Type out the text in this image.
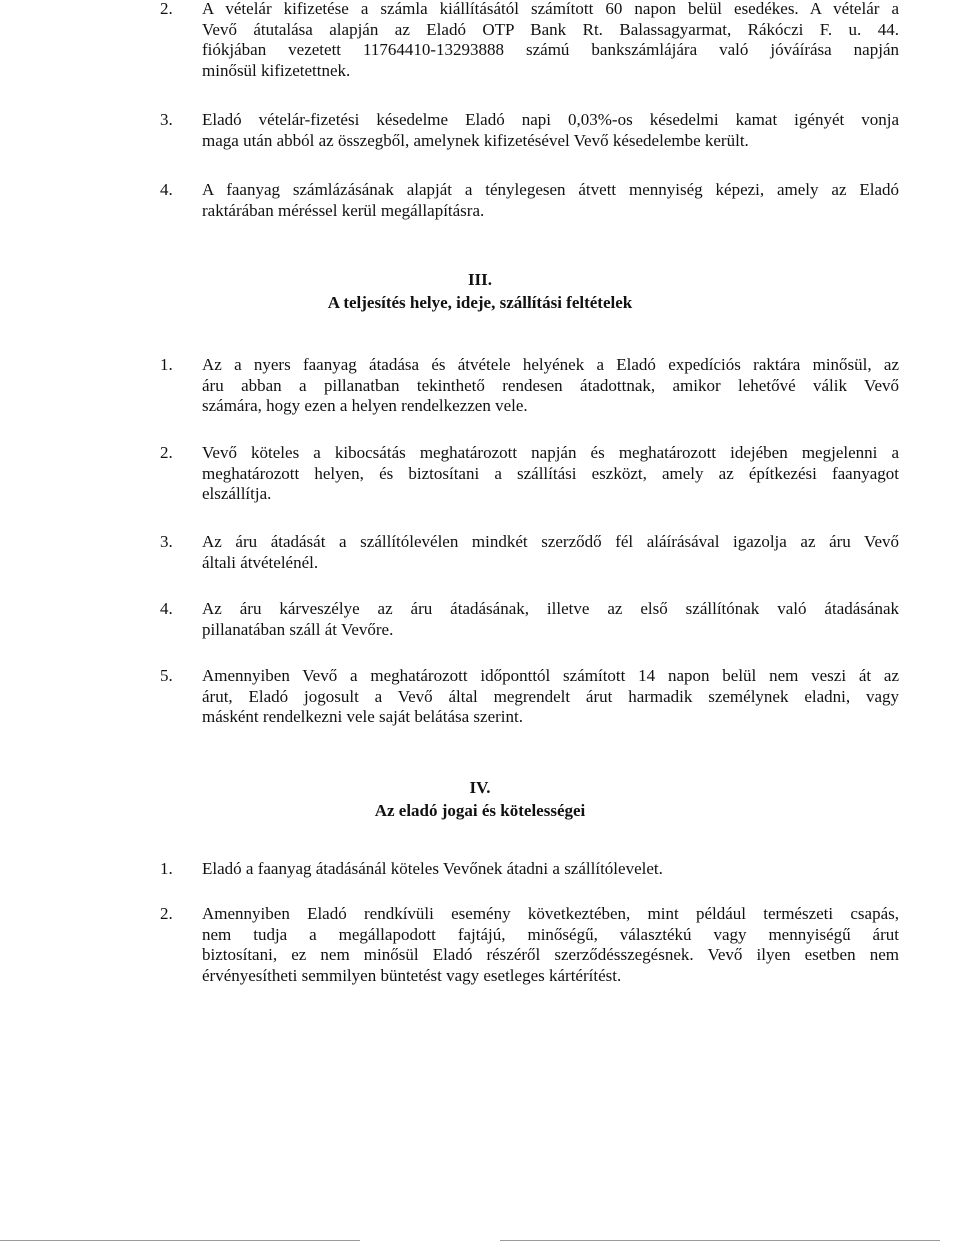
2.	A vételár kifizetése a számla kiállításától számított 60 napon belül esedékes. A vételár a

Vevő átutalása alapján az Eladó OTP Bank Rt. Balassagyarmat, Rákóczi F. u. 44.

fiókjában vezetett 11764410-13293888 számú bankszámlájára való jóváírása napján

minősül kifizetettnek.

3.	Eladó vételár-fizetési késedelme Eladó napi 0,03%-os késedelmi kamat igényét vonja

maga után abból az összegből, amelynek kifizetésével Vevő késedelembe került.

4.	A faanyag számlázásának alapját a ténylegesen átvett mennyiség képezi, amely az Eladó

raktárában méréssel kerül megállapításra.

III.
A teljesítés helye, ideje, szállítási feltételek
1.	Az a nyers faanyag átadása és átvétele helyének a Eladó expedíciós raktára minősül, az

áru abban a pillanatban tekinthető rendesen átadottnak, amikor lehetővé válik Vevő

számára, hogy ezen a helyen rendelkezzen vele.

2.	Vevő köteles a kibocsátás meghatározott napján és meghatározott idejében megjelenni a

meghatározott helyen, és biztosítani a szállítási eszközt, amely az építkezési faanyagot

elszállítja.

3.	Az áru átadását a szállítólevélen mindkét szerződő fél aláírásával igazolja az áru Vevő

általi átvételénél.

4.	Az áru kárveszélye az áru átadásának, illetve az első szállítónak való átadásának

pillanatában száll át Vevőre.

5.	Amennyiben Vevő a meghatározott időponttól számított 14 napon belül nem veszi át az

árut, Eladó jogosult a Vevő által megrendelt árut harmadik személynek eladni, vagy

másként rendelkezni vele saját belátása szerint.

IV.
Az eladó jogai és kötelességei
1.	Eladó a faanyag átadásánál köteles Vevőnek átadni a szállítólevelet.

2.	Amennyiben Eladó rendkívüli esemény következtében, mint például természeti csapás,

nem tudja a megállapodott fajtájú, minőségű, választékú vagy mennyiségű árut

biztosítani, ez nem minősül Eladó részéről szerződésszegésnek. Vevő ilyen esetben nem

érvényesítheti semmilyen büntetést vagy esetleges kártérítést.
